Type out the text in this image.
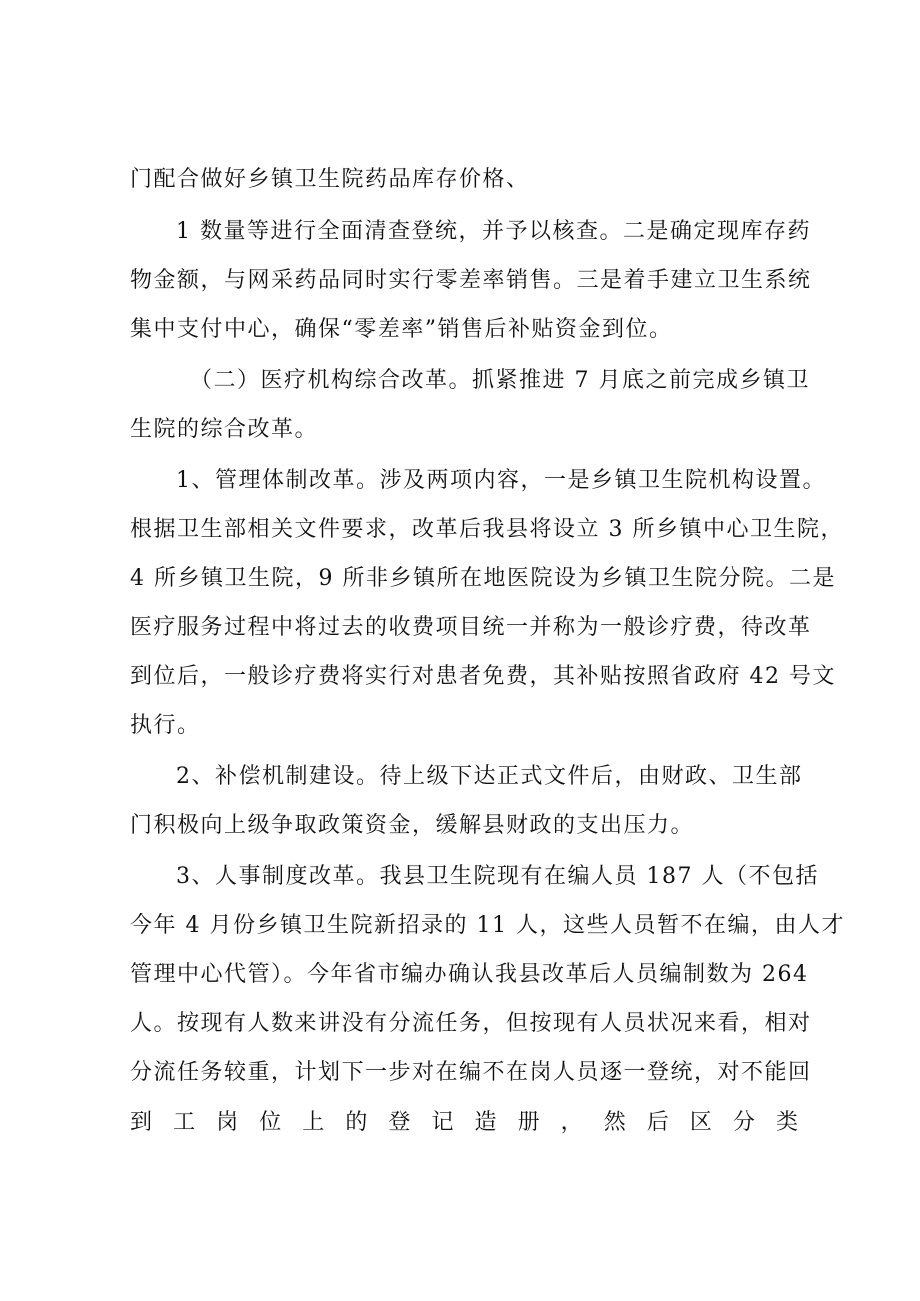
门配合做好乡镇卫生院药品库存价格、
1 数量等进行全面清查登统，并予以核查。二是确定现库存药
物金额，与网采药品同时实行零差率销售。三是着手建立卫生系统
集中支付中心，确保“零差率”销售后补贴资金到位。
（二）医疗机构综合改革。抓紧推进 7 月底之前完成乡镇卫
生院的综合改革。
1、管理体制改革。涉及两项内容，一是乡镇卫生院机构设置。
根据卫生部相关文件要求，改革后我县将设立 3 所乡镇中心卫生院，
4 所乡镇卫生院，9 所非乡镇所在地医院设为乡镇卫生院分院。二是
医疗服务过程中将过去的收费项目统一并称为一般诊疗费，待改革
到位后，一般诊疗费将实行对患者免费，其补贴按照省政府 42 号文
执行。
2、补偿机制建设。待上级下达正式文件后，由财政、卫生部
门积极向上级争取政策资金，缓解县财政的支出压力。
3、人事制度改革。我县卫生院现有在编人员 187 人（不包括
今年 4 月份乡镇卫生院新招录的 11 人，这些人员暂不在编，由人才
管理中心代管）。今年省市编办确认我县改革后人员编制数为 264
人。按现有人数来讲没有分流任务，但按现有人员状况来看，相对
分流任务较重，计划下一步对在编不在岗人员逐一登统，对不能回
到 工 岗 位 上 的 登 记 造 册 ， 然 后 区 分 类
